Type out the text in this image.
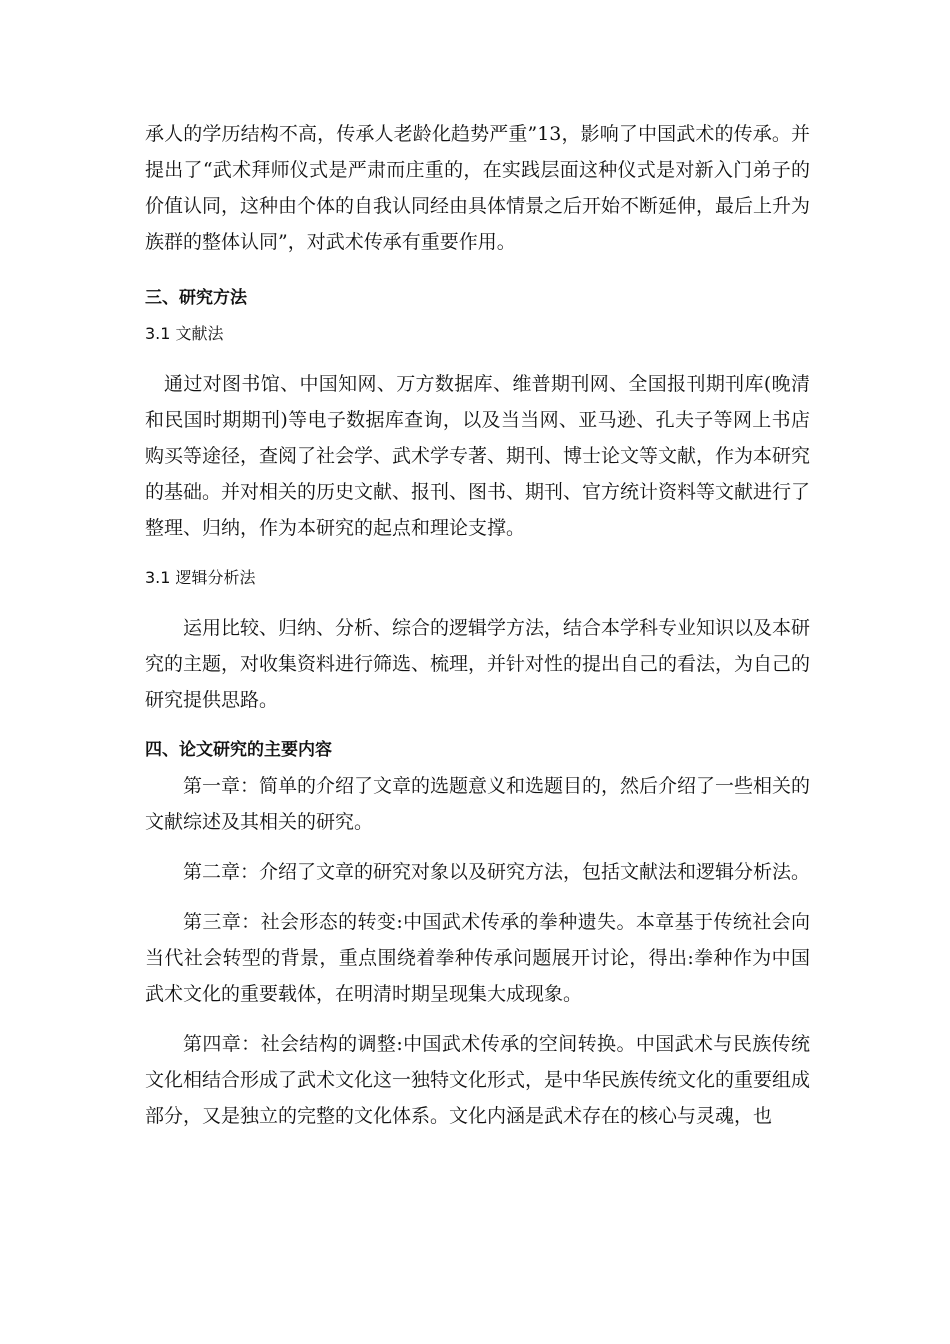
承人的学历结构不高，传承人老龄化趋势严重”13，影响了中国武术的传承。并提出了“武术拜师仪式是严肃而庄重的，在实践层面这种仪式是对新入门弟子的价值认同，这种由个体的自我认同经由具体情景之后开始不断延伸，最后上升为族群的整体认同”，对武术传承有重要作用。

三、研究方法
3.1 文献法

通过对图书馆、中国知网、万方数据库、维普期刊网、全国报刊期刊库(晚清和民国时期期刊)等电子数据库查询，以及当当网、亚马逊、孔夫子等网上书店购买等途径，查阅了社会学、武术学专著、期刊、博士论文等文献，作为本研究的基础。并对相关的历史文献、报刊、图书、期刊、官方统计资料等文献进行了整理、归纳，作为本研究的起点和理论支撑。

3.1 逻辑分析法

运用比较、归纳、分析、综合的逻辑学方法，结合本学科专业知识以及本研究的主题，对收集资料进行筛选、梳理，并针对性的提出自己的看法，为自己的研究提供思路。

四、论文研究的主要内容

第一章：简单的介绍了文章的选题意义和选题目的，然后介绍了一些相关的文献综述及其相关的研究。

第二章：介绍了文章的研究对象以及研究方法，包括文献法和逻辑分析法。

第三章：社会形态的转变:中国武术传承的拳种遗失。本章基于传统社会向当代社会转型的背景，重点围绕着拳种传承问题展开讨论，得出:拳种作为中国武术文化的重要载体，在明清时期呈现集大成现象。

第四章：社会结构的调整:中国武术传承的空间转换。中国武术与民族传统文化相结合形成了武术文化这一独特文化形式，是中华民族传统文化的重要组成部分，又是独立的完整的文化体系。文化内涵是武术存在的核心与灵魂，也
